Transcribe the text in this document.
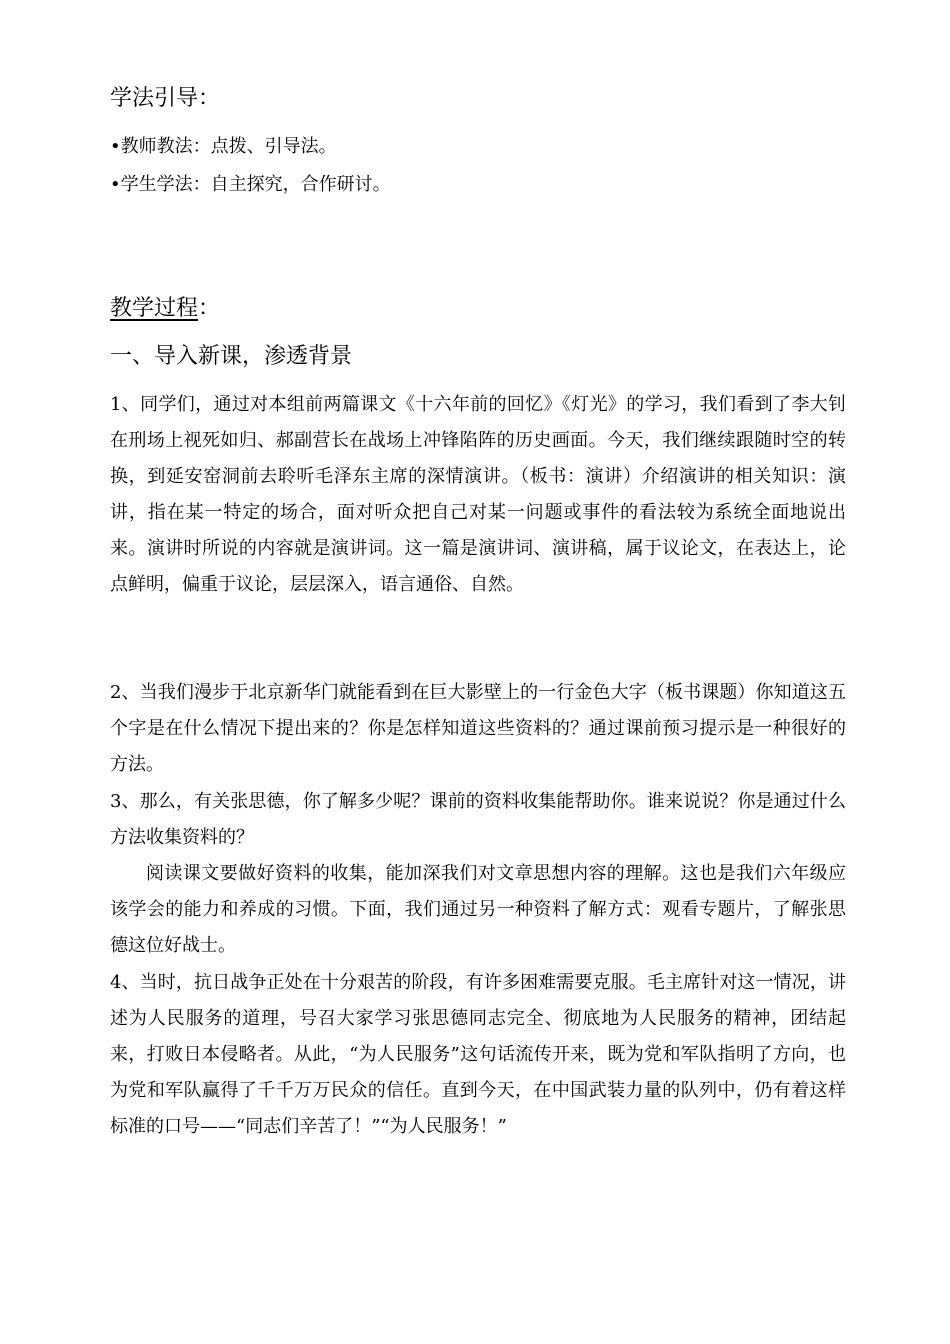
学法引导：
•教师教法：点拨、引导法。
•学生学法：自主探究，合作研讨。
教学过程：
一、导入新课，渗透背景

1、同学们，通过对本组前两篇课文《十六年前的回忆》《灯光》的学习，我们看到了李大钊在刑场上视死如归、郝副营长在战场上冲锋陷阵的历史画面。今天，我们继续跟随时空的转换，到延安窑洞前去聆听毛泽东主席的深情演讲。（板书：演讲）介绍演讲的相关知识：演讲，指在某一特定的场合，面对听众把自己对某一问题或事件的看法较为系统全面地说出来。演讲时所说的内容就是演讲词。这一篇是演讲词、演讲稿，属于议论文，在表达上，论点鲜明，偏重于议论，层层深入，语言通俗、自然。

2、当我们漫步于北京新华门就能看到在巨大影壁上的一行金色大字（板书课题）你知道这五个字是在什么情况下提出来的？你是怎样知道这些资料的？通过课前预习提示是一种很好的方法。

3、那么，有关张思德，你了解多少呢？课前的资料收集能帮助你。谁来说说？你是通过什么方法收集资料的？

阅读课文要做好资料的收集，能加深我们对文章思想内容的理解。这也是我们六年级应该学会的能力和养成的习惯。下面，我们通过另一种资料了解方式：观看专题片，了解张思德这位好战士。

4、当时，抗日战争正处在十分艰苦的阶段，有许多困难需要克服。毛主席针对这一情况，讲述为人民服务的道理，号召大家学习张思德同志完全、彻底地为人民服务的精神，团结起来，打败日本侵略者。从此，“为人民服务”这句话流传开来，既为党和军队指明了方向，也为党和军队赢得了千千万万民众的信任。直到今天，在中国武装力量的队列中，仍有着这样标准的口号——“同志们辛苦了！”“为人民服务！”
